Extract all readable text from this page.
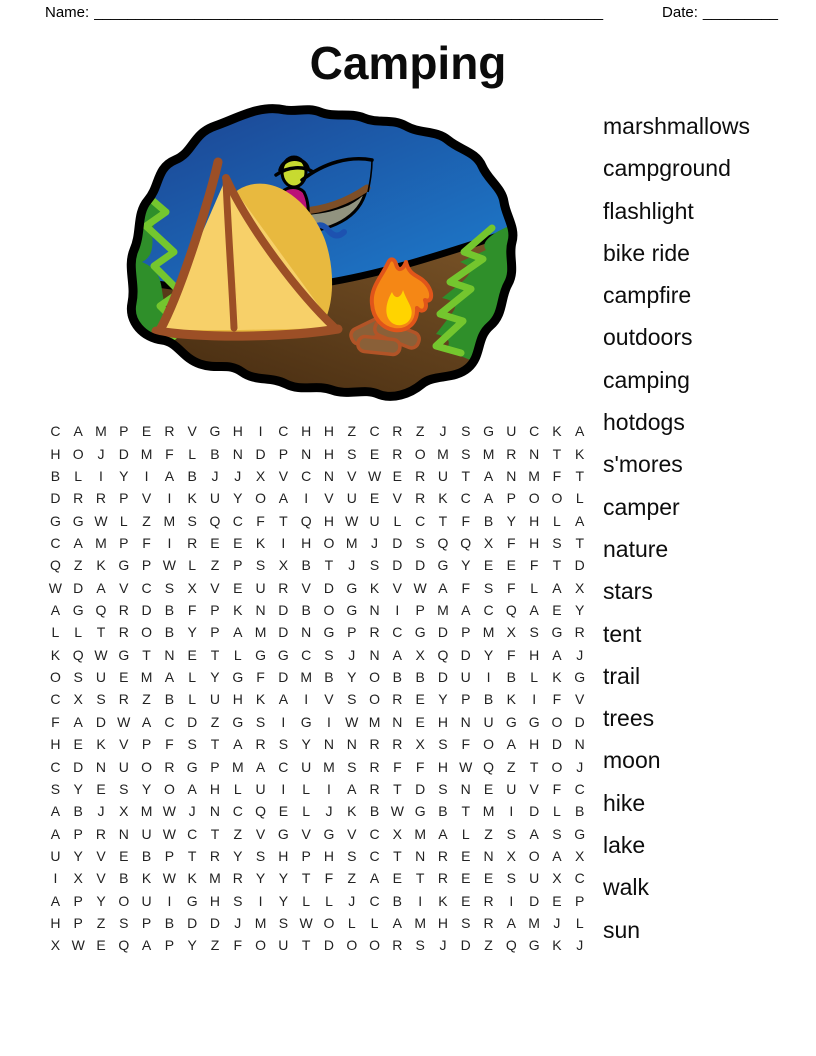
Name: _____________________________________________________________	Date: _________
Camping
marshmallows
campground
flashlight
bike ride
campfire
outdoors
camping
hotdogs
s'mores
camper
nature
stars
tent
trail
trees
moon
hike
lake
walk
sun
C A M P E R V G H	I	C H H Z C R Z	J	S G U C K A
H O J	D M F	L	B N D P N H S E R O M S M R N T K
B	L	I	Y	I	A B	J	J	X V C N V W E R U T A N M F	T
D R R P V	I	K U Y O A	I	V U E V R K C A P O O L
G G W L	Z M S Q C F	T Q H W U L C T	F B Y H L	A
C A M P F	I	R E E K	I	H O M J	D S Q Q X F H S T
Q Z K G P W L	Z P S X B T	J	S D D G Y E E F	T D
W D A V C S X V E U R V D G K V W A F S F	L	A X
A G Q R D B F P K N D B O G N	I	P M A C Q A E Y
L	L	T R O B Y P A M D N G P R C G D P M X S G R
K Q W G T N E T	L G G C S	J	N A X Q D Y F H A	J
O S U E M A	L	Y G F D M B Y O B B D U	I	B	L	K G
C X S R Z B	L U H K A	I	V S O R E Y P B K	I	F V
F A D W A C D Z G S	I	G	I	W M N E H N U G G O D
H E K V P F S T A R S Y N N R R X S F O A H D N
C D N U O R G P M A C U M S R F	F H W Q Z	T O J
S Y E S Y O A H L U	I	L	I	A R T D S N E U V F C
A B	J	X M W J	N C Q E	L	J	K B W G B T M	I	D L	B
A P R N U W C T	Z V G V G V C X M A	L	Z S A S G
U Y V E B P T R Y S H P H S C T N R E N X O A X
I	X V B K W K M R Y Y T	F	Z A E T R E E S U X C
A P Y O U	I	G H S	I	Y	L	L	J	C B	I	K E R	I	D E P
H P Z S P B D D	J M S W O L	L	A M H S R A M J	L
X W E Q A P Y Z	F O U T D O O R S	J	D Z Q G K	J
